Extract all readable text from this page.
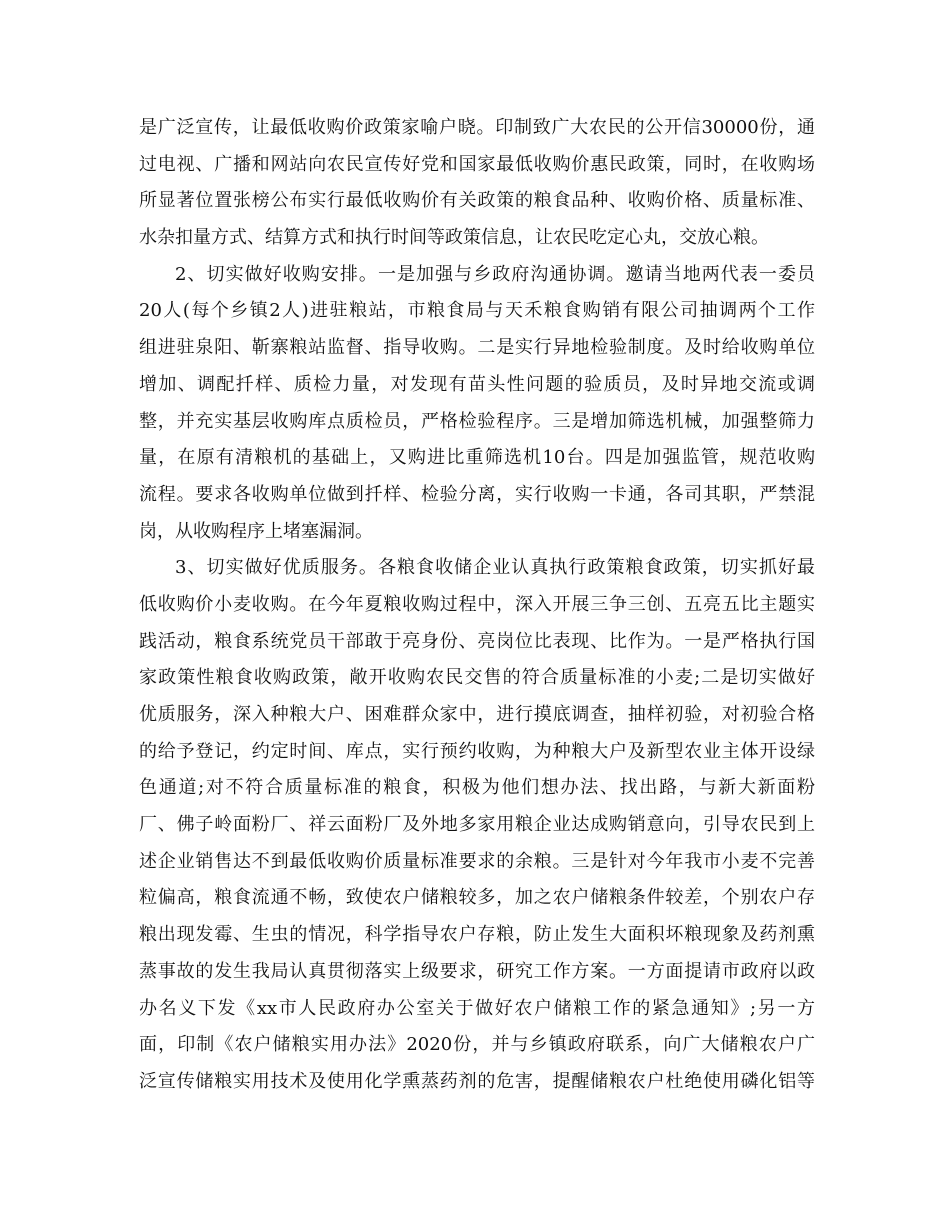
是广泛宣传，让最低收购价政策家喻户晓。印制致广大农民的公开信30000份，通
过电视、广播和网站向农民宣传好党和国家最低收购价惠民政策，同时，在收购场
所显著位置张榜公布实行最低收购价有关政策的粮食品种、收购价格、质量标准、
水杂扣量方式、结算方式和执行时间等政策信息，让农民吃定心丸，交放心粮。
2、切实做好收购安排。一是加强与乡政府沟通协调。邀请当地两代表一委员
20人(每个乡镇2人)进驻粮站，市粮食局与天禾粮食购销有限公司抽调两个工作
组进驻泉阳、靳寨粮站监督、指导收购。二是实行异地检验制度。及时给收购单位
增加、调配扦样、质检力量，对发现有苗头性问题的验质员，及时异地交流或调
整，并充实基层收购库点质检员，严格检验程序。三是增加筛选机械，加强整筛力
量，在原有清粮机的基础上，又购进比重筛选机10台。四是加强监管，规范收购
流程。要求各收购单位做到扦样、检验分离，实行收购一卡通，各司其职，严禁混
岗，从收购程序上堵塞漏洞。
3、切实做好优质服务。各粮食收储企业认真执行政策粮食政策，切实抓好最
低收购价小麦收购。在今年夏粮收购过程中，深入开展三争三创、五亮五比主题实
践活动，粮食系统党员干部敢于亮身份、亮岗位比表现、比作为。一是严格执行国
家政策性粮食收购政策，敞开收购农民交售的符合质量标准的小麦;二是切实做好
优质服务，深入种粮大户、困难群众家中，进行摸底调查，抽样初验，对初验合格
的给予登记，约定时间、库点，实行预约收购，为种粮大户及新型农业主体开设绿
色通道;对不符合质量标准的粮食，积极为他们想办法、找出路，与新大新面粉
厂、佛子岭面粉厂、祥云面粉厂及外地多家用粮企业达成购销意向，引导农民到上
述企业销售达不到最低收购价质量标准要求的余粮。三是针对今年我市小麦不完善
粒偏高，粮食流通不畅，致使农户储粮较多，加之农户储粮条件较差，个别农户存
粮出现发霉、生虫的情况，科学指导农户存粮，防止发生大面积坏粮现象及药剂熏
蒸事故的发生我局认真贯彻落实上级要求，研究工作方案。一方面提请市政府以政
办名义下发《xx市人民政府办公室关于做好农户储粮工作的紧急通知》;另一方
面，印制《农户储粮实用办法》2020份，并与乡镇政府联系，向广大储粮农户广
泛宣传储粮实用技术及使用化学熏蒸药剂的危害，提醒储粮农户杜绝使用磷化铝等
